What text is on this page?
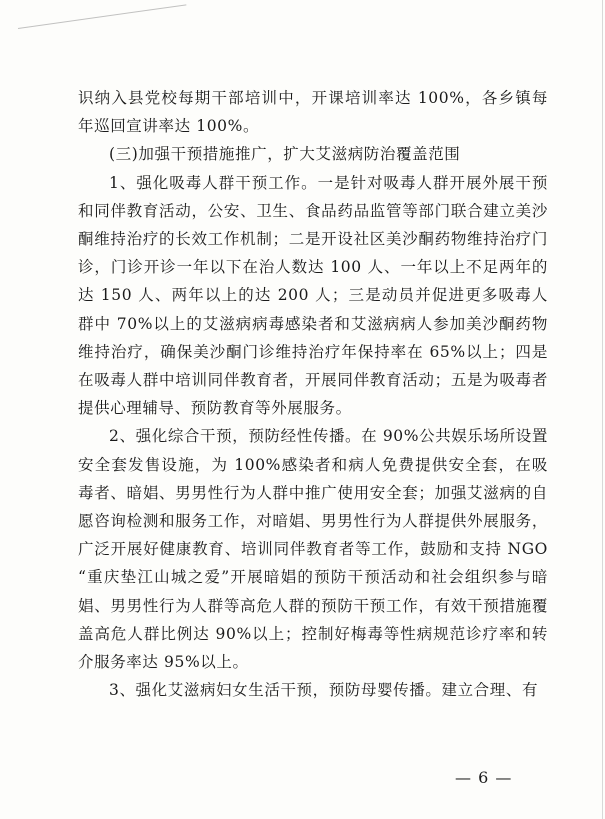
识纳入县党校每期干部培训中，开课培训率达 100%，各乡镇每年巡回宣讲率达 100%。

(三)加强干预措施推广，扩大艾滋病防治覆盖范围

1、强化吸毒人群干预工作。一是针对吸毒人群开展外展干预和同伴教育活动，公安、卫生、食品药品监管等部门联合建立美沙酮维持治疗的长效工作机制；二是开设社区美沙酮药物维持治疗门诊，门诊开诊一年以下在治人数达 100 人、一年以上不足两年的达 150 人、两年以上的达 200 人；三是动员并促进更多吸毒人群中 70%以上的艾滋病病毒感染者和艾滋病病人参加美沙酮药物维持治疗，确保美沙酮门诊维持治疗年保持率在 65%以上；四是在吸毒人群中培训同伴教育者，开展同伴教育活动；五是为吸毒者提供心理辅导、预防教育等外展服务。

2、强化综合干预，预防经性传播。在 90%公共娱乐场所设置安全套发售设施，为 100%感染者和病人免费提供安全套，在吸毒者、暗娼、男男性行为人群中推广使用安全套；加强艾滋病的自愿咨询检测和服务工作，对暗娼、男男性行为人群提供外展服务，广泛开展好健康教育、培训同伴教育者等工作，鼓励和支持 NGO “重庆垫江山城之爱”开展暗娼的预防干预活动和社会组织参与暗娼、男男性行为人群等高危人群的预防干预工作，有效干预措施覆盖高危人群比例达 90%以上；控制好梅毒等性病规范诊疗率和转介服务率达 95%以上。

3、强化艾滋病妇女生活干预，预防母婴传播。建立合理、有

— 6 —
